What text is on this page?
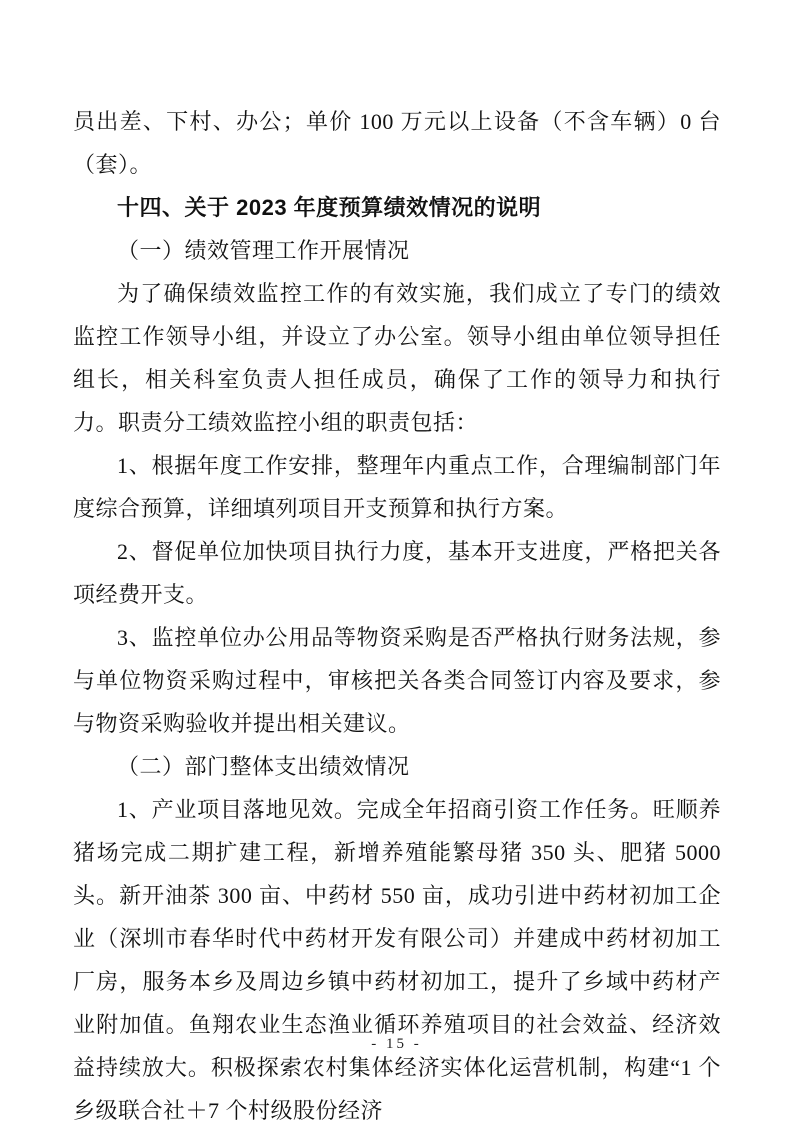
员出差、下村、办公；单价 100 万元以上设备（不含车辆）0 台（套）。

十四、关于 2023 年度预算绩效情况的说明

（一）绩效管理工作开展情况

为了确保绩效监控工作的有效实施，我们成立了专门的绩效监控工作领导小组，并设立了办公室。领导小组由单位领导担任组长，相关科室负责人担任成员，确保了工作的领导力和执行力。职责分工绩效监控小组的职责包括：

1、根据年度工作安排，整理年内重点工作，合理编制部门年度综合预算，详细填列项目开支预算和执行方案。

2、督促单位加快项目执行力度，基本开支进度，严格把关各项经费开支。

3、监控单位办公用品等物资采购是否严格执行财务法规，参与单位物资采购过程中，审核把关各类合同签订内容及要求，参与物资采购验收并提出相关建议。

（二）部门整体支出绩效情况

1、产业项目落地见效。完成全年招商引资工作任务。旺顺养猪场完成二期扩建工程，新增养殖能繁母猪 350 头、肥猪 5000 头。新开油茶 300 亩、中药材 550 亩，成功引进中药材初加工企业（深圳市春华时代中药材开发有限公司）并建成中药材初加工厂房，服务本乡及周边乡镇中药材初加工，提升了乡域中药材产业附加值。鱼翔农业生态渔业循环养殖项目的社会效益、经济效益持续放大。积极探索农村集体经济实体化运营机制，构建“1 个乡级联合社＋7 个村级股份经济

- 15 -
